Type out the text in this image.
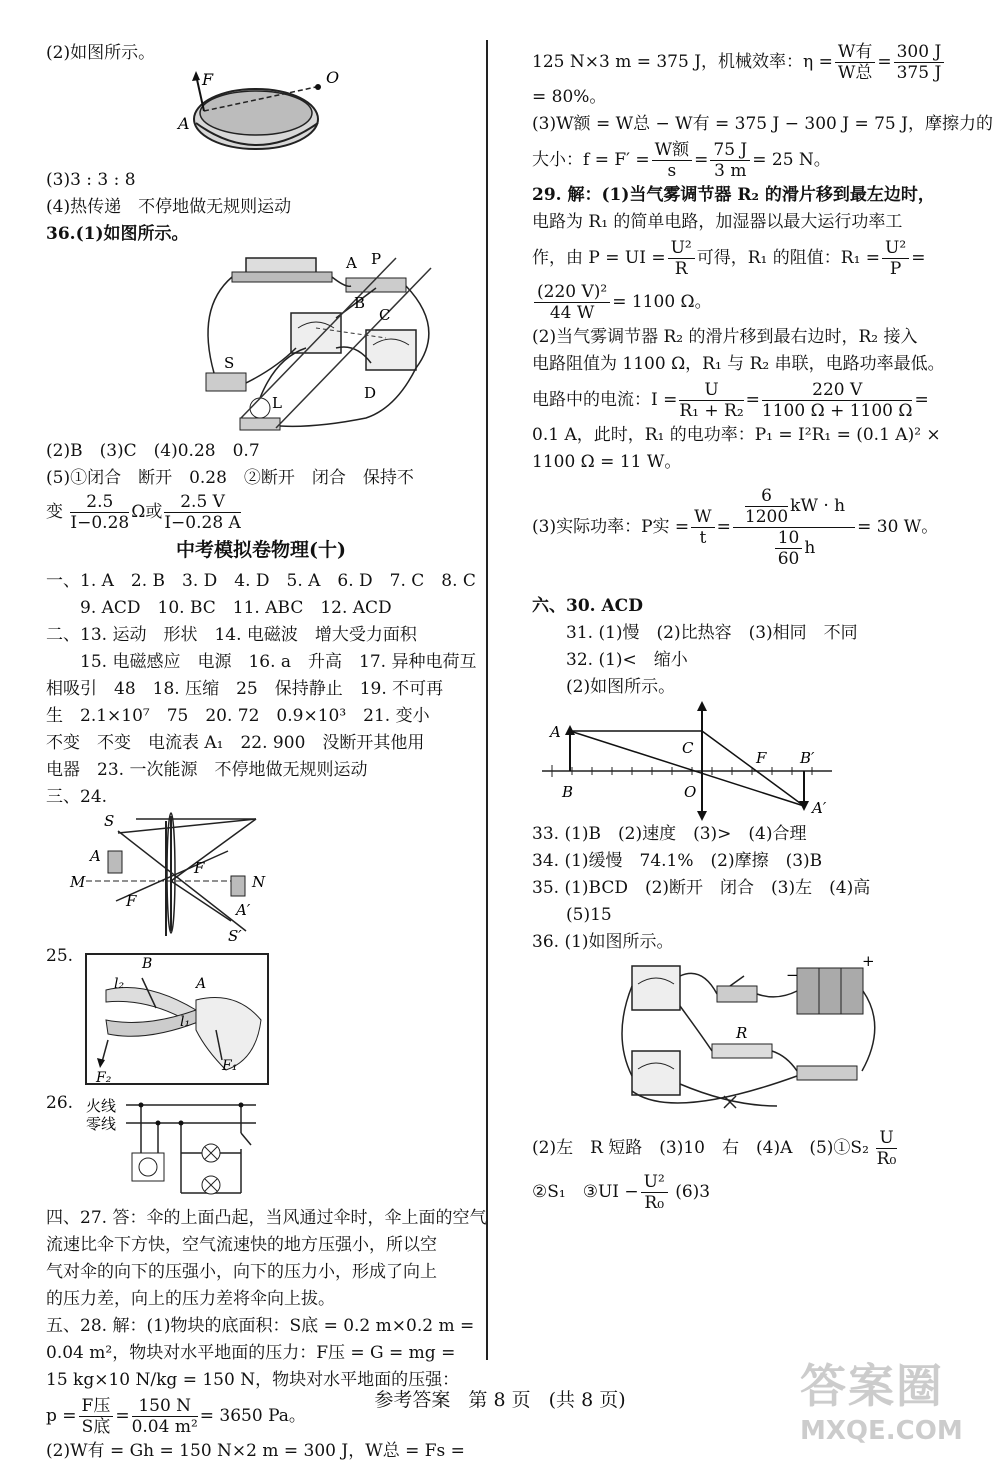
(2)如图所示。
F
A
O
(3)3 : 3 : 8
(4)热传递　不停地做无规则运动
36.(1)如图所示。
A P
S
L
B
C
D
(2)B　(3)C　(4)0.28　0.7
(5)①闭合　断开　0.28　②断开　闭合　保持不
变 $\frac{2.5}{I-0.28}$ Ω或 $\frac{2.5 V}{I-0.28 A}$
中考模拟卷物理(十)
一、1. A　2. B　3. D　4. D　5. A　6. D　7. C　8. C
9. ACD　10. BC　11. ABC　12. ACD
二、13. 运动　形状　14. 电磁波　增大受力面积
15. 电磁感应　电源　16. a　升高　17. 异种电荷互
相吸引　48　18. 压缩　25　保持静止　19. 不可再
生　2.1×10⁷　75　20. 72　0.9×10³　21. 变小
不变　不变　电流表 A₁　22. 900　没断开其他用
电器　23. 一次能源　不停地做无规则运动
三、24.
S
A
M
F
F
N
A′
S′
25.	B
A
l₂
l₁
F₂
F₁
26. 火线
零线
四、27. 答：伞的上面凸起，当风通过伞时，伞上面的空气
流速比伞下方快，空气流速快的地方压强小，所以空
气对伞的向下的压强小，向下的压力小，形成了向上
的压力差，向上的压力差将伞向上拔。
五、28. 解：(1)物块的底面积：S底 = 0.2 m×0.2 m =
0.04 m²，物块对水平地面的压力：F压 = G = mg =
15 kg×10 N/kg = 150 N，物块对水平地面的压强：
$p = \frac{\text{F压}}{\text{S底}} = \frac{150 N}{\text{0.04 m²}} = 3650$ Pa。
(2)W有 = Gh = 150 N×2 m = 300 J，W总 = Fs =
125 N×3 m = 375 J，机械效率：$\eta = \frac{\text{W有}}{\text{W总}} = \frac{300 J}{375 J}$
= 80%。
(3)W额 = W总 − W有 = 375 J − 300 J = 75 J，摩擦力的
大小：$f = F' = \frac{\text{W额}}{s} = \frac{75 J}{3 m} = 25$ N。
29. 解：(1)当气雾调节器 R₂ 的滑片移到最左边时，
电路为 R₁ 的简单电路，加湿器以最大运行功率工
作，由 P = UI = $\frac{\text{U²}}{R}$ 可得，R₁ 的阻值：$R_1 = \frac{\text{U²}}{P}$ =
$\frac{\text{(220 V)²}}{44 W} = 1100$ Ω。
(2)当气雾调节器 R₂ 的滑片移到最右边时，R₂ 接入
电路阻值为 1100 Ω，R₁ 与 R₂ 串联，电路功率最低。
电路中的电流：$I = \frac{U}{\text{R₁ + R₂}} = \frac{220 V}{1100 \Omega + 1100 \Omega}$ =
0.1 A，此时，R₁ 的电功率：P₁ = I²R₁ = (0.1 A)² ×
1100 Ω = 11 W。
(3)实际功率：P实 = $\frac{W}{t} = \frac{\frac{6}{1200} kW \cdot h}{\frac{10}{60} h} = 30$ W。
六、30. ACD
31. (1)慢　(2)比热容　(3)相同　不同
32. (1)<　缩小
(2)如图所示。
A
B
C
O
F B′
A′
33. (1)B　(2)速度　(3)>　(4)合理
34. (1)缓慢　74.1%　(2)摩擦　(3)B
35. (1)BCD　(2)断开　闭合　(3)左　(4)高
(5)15
36. (1)如图所示。
R
−
+
(2)左　R 短路　(3)10　右　(4)A　(5)①S₂ $\frac{U}{\text{R₀}}$
②S₁　③UI − $\frac{\text{U²}}{\text{R₀}} (6)3$
参考答案 第 8 页 (共 8 页)	答案圈
MXQE.COM
